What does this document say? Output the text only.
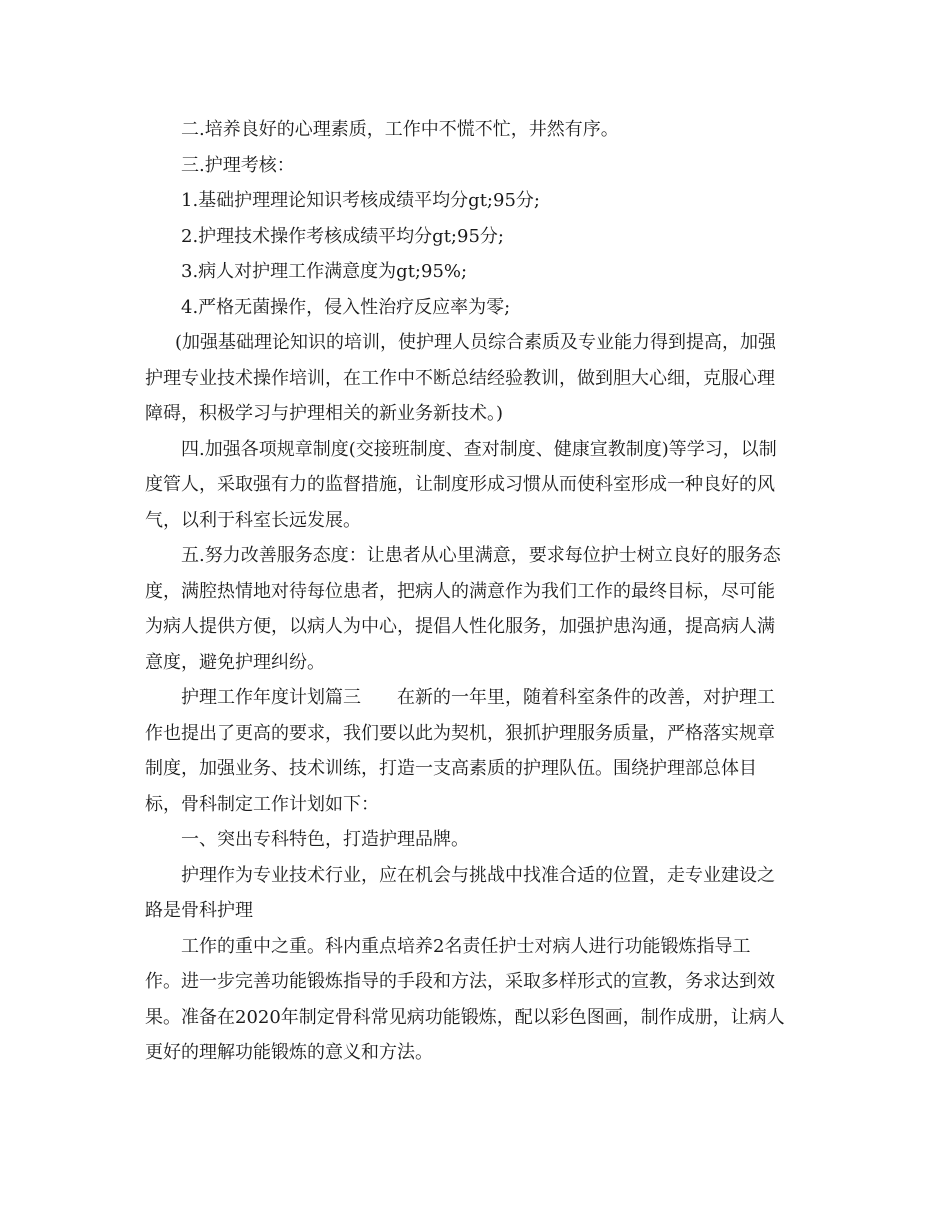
二.培养良好的心理素质，工作中不慌不忙，井然有序。
三.护理考核：
1.基础护理理论知识考核成绩平均分gt;95分;
2.护理技术操作考核成绩平均分gt;95分;
3.病人对护理工作满意度为gt;95%;
4.严格无菌操作，侵入性治疗反应率为零;
(加强基础理论知识的培训，使护理人员综合素质及专业能力得到提高，加强
护理专业技术操作培训，在工作中不断总结经验教训，做到胆大心细，克服心理
障碍，积极学习与护理相关的新业务新技术。)
四.加强各项规章制度(交接班制度、查对制度、健康宣教制度)等学习，以制
度管人，采取强有力的监督措施，让制度形成习惯从而使科室形成一种良好的风
气，以利于科室长远发展。
五.努力改善服务态度：让患者从心里满意，要求每位护士树立良好的服务态
度，满腔热情地对待每位患者，把病人的满意作为我们工作的最终目标，尽可能
为病人提供方便，以病人为中心，提倡人性化服务，加强护患沟通，提高病人满
意度，避免护理纠纷。
护理工作年度计划篇三　　在新的一年里，随着科室条件的改善，对护理工
作也提出了更高的要求，我们要以此为契机，狠抓护理服务质量，严格落实规章
制度，加强业务、技术训练，打造一支高素质的护理队伍。围绕护理部总体目
标，骨科制定工作计划如下：
一、突出专科特色，打造护理品牌。
护理作为专业技术行业，应在机会与挑战中找准合适的位置，走专业建设之
路是骨科护理
工作的重中之重。科内重点培养2名责任护士对病人进行功能锻炼指导工
作。进一步完善功能锻炼指导的手段和方法，采取多样形式的宣教，务求达到效
果。准备在2020年制定骨科常见病功能锻炼，配以彩色图画，制作成册，让病人
更好的理解功能锻炼的意义和方法。
